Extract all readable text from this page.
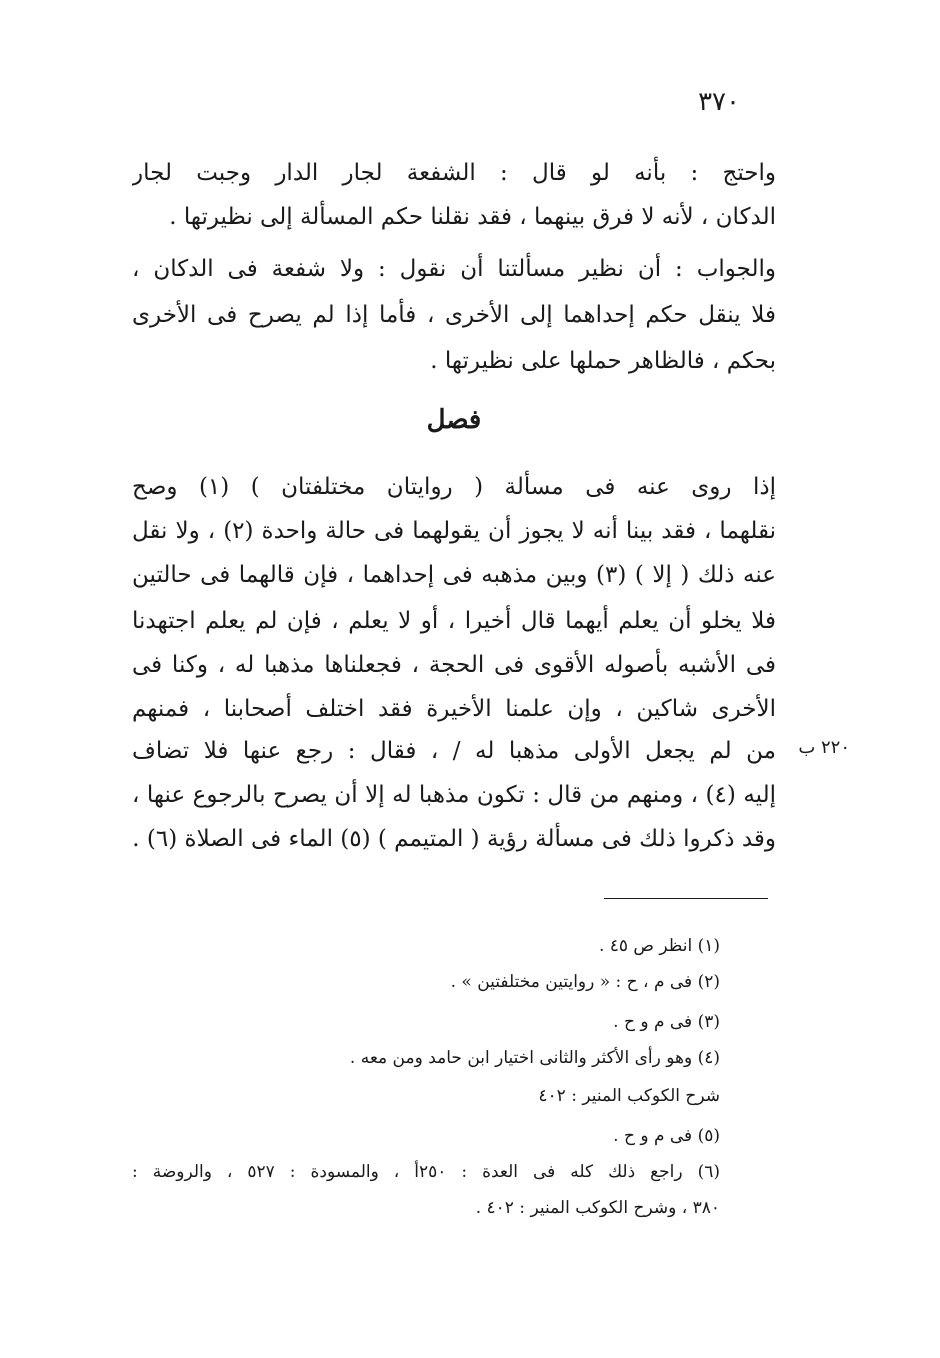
٣٧٠
واحتج : بأنه لو قال : الشفعة لجار الدار وجبت لجار
الدكان ، لأنه لا فرق بينهما ، فقد نقلنا حكم المسألة إلى نظيرتها .
والجواب : أن نظير مسألتنا أن نقول : ولا شفعة فى الدكان ،
فلا ينقل حكم إحداهما إلى الأخرى ، فأما إذا لم يصرح فى الأخرى
بحكم ، فالظاهر حملها على نظيرتها .
فصل
إذا روى عنه فى مسألة ( روايتان مختلفتان ) (١) وصح
نقلهما ، فقد بينا أنه لا يجوز أن يقولهما فى حالة واحدة (٢) ، ولا نقل
عنه ذلك ( إلا ) (٣) وبين مذهبه فى إحداهما ، فإن قالهما فى حالتين
فلا يخلو أن يعلم أيهما قال أخيرا ، أو لا يعلم ، فإن لم يعلم اجتهدنا
فى الأشبه بأصوله الأقوى فى الحجة ، فجعلناها مذهبا له ، وكنا فى
الأخرى شاكين ، وإن علمنا الأخيرة فقد اختلف أصحابنا ، فمنهم
من لم يجعل الأولى مذهبا له / ، فقال : رجع عنها فلا تضاف
إليه (٤) ، ومنهم من قال : تكون مذهبا له إلا أن يصرح بالرجوع عنها ،
وقد ذكروا ذلك فى مسألة رؤية ( المتيمم ) (٥) الماء فى الصلاة (٦) .
٢٢٠ ب
(١) انظر ص ٤٥ .
(٢) فى م ، ح : « روايتين مختلفتين » .
(٣) فى م و ح .
(٤) وهو رأى الأكثر والثانى اختيار ابن حامد ومن معه .
شرح الكوكب المنير : ٤٠٢
(٥) فى م و ح .
(٦) راجع ذلك كله فى العدة : ٢٥٠أ ، والمسودة : ٥٢٧ ، والروضة :
٣٨٠ ، وشرح الكوكب المنير : ٤٠٢ .
